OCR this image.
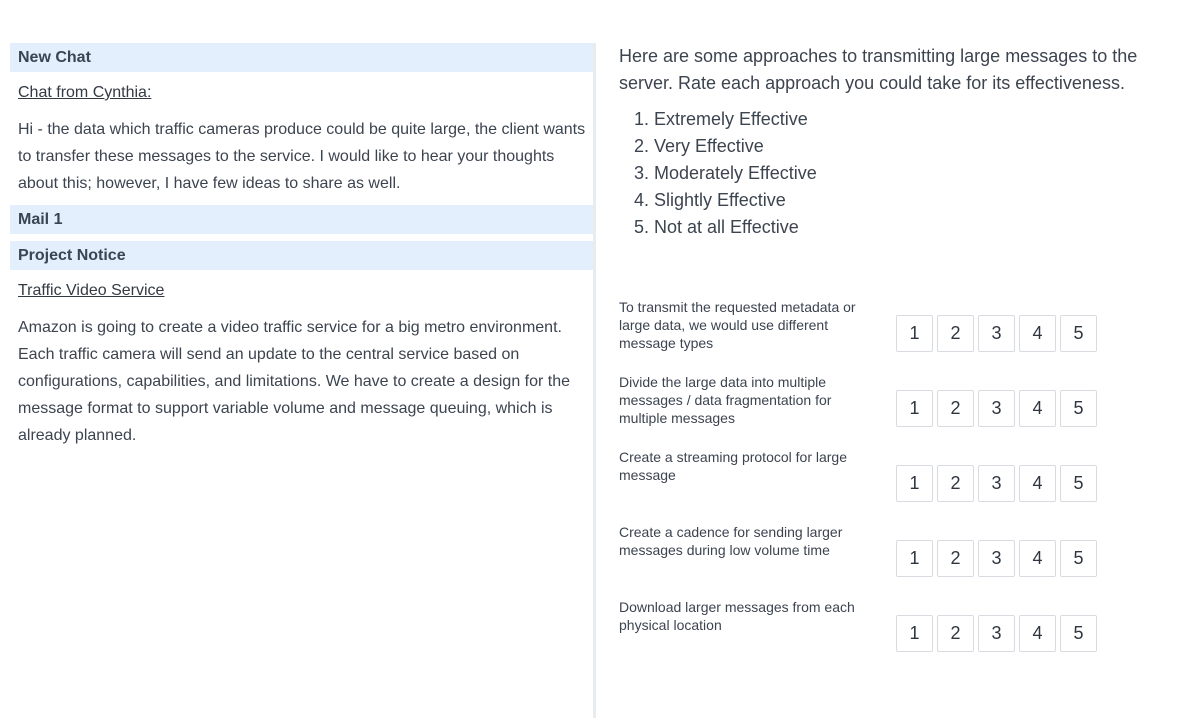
New Chat
Chat from Cynthia:
Hi - the data which traffic cameras produce could be quite large, the client wants to transfer these messages to the service. I would like to hear your thoughts about this; however, I have few ideas to share as well.
Mail 1
Project Notice
Traffic Video Service
Amazon is going to create a video traffic service for a big metro environment. Each traffic camera will send an update to the central service based on configurations, capabilities, and limitations. We have to create a design for the message format to support variable volume and message queuing, which is already planned.
Here are some approaches to transmitting large messages to the server. Rate each approach you could take for its effectiveness.
1. Extremely Effective
2. Very Effective
3. Moderately Effective
4. Slightly Effective
5. Not at all Effective
To transmit the requested metadata or large data, we would use different message types	1	2	3	4	5
Divide the large data into multiple messages / data fragmentation for multiple messages	1	2	3	4	5
Create a streaming protocol for large message	1	2	3	4	5
Create a cadence for sending larger messages during low volume time	1	2	3	4	5
Download larger messages from each physical location	1	2	3	4	5
